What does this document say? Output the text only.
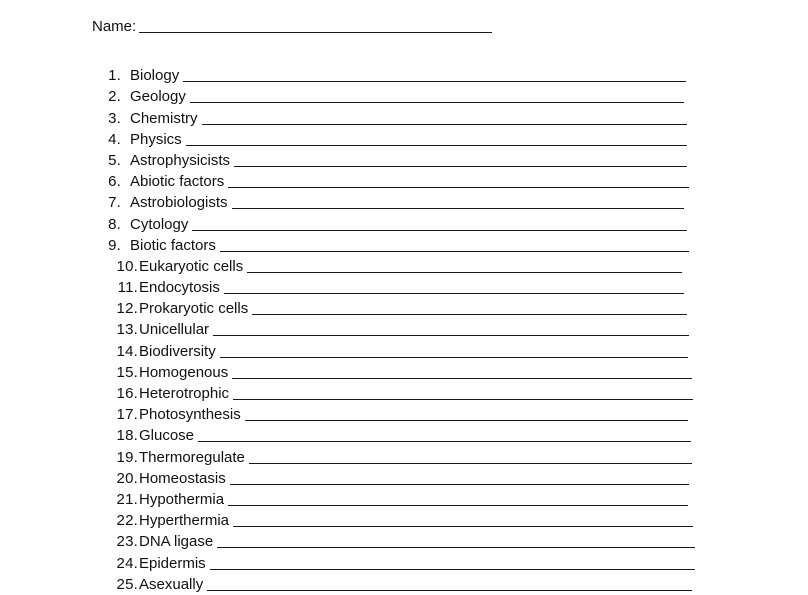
Name:
1. Biology
2. Geology
3. Chemistry
4. Physics
5. Astrophysicists
6. Abiotic factors
7. Astrobiologists
8. Cytology
9. Biotic factors
10. Eukaryotic cells
11. Endocytosis
12. Prokaryotic cells
13. Unicellular
14. Biodiversity
15. Homogenous
16. Heterotrophic
17. Photosynthesis
18. Glucose
19. Thermoregulate
20. Homeostasis
21. Hypothermia
22. Hyperthermia
23. DNA ligase
24. Epidermis
25. Asexually
